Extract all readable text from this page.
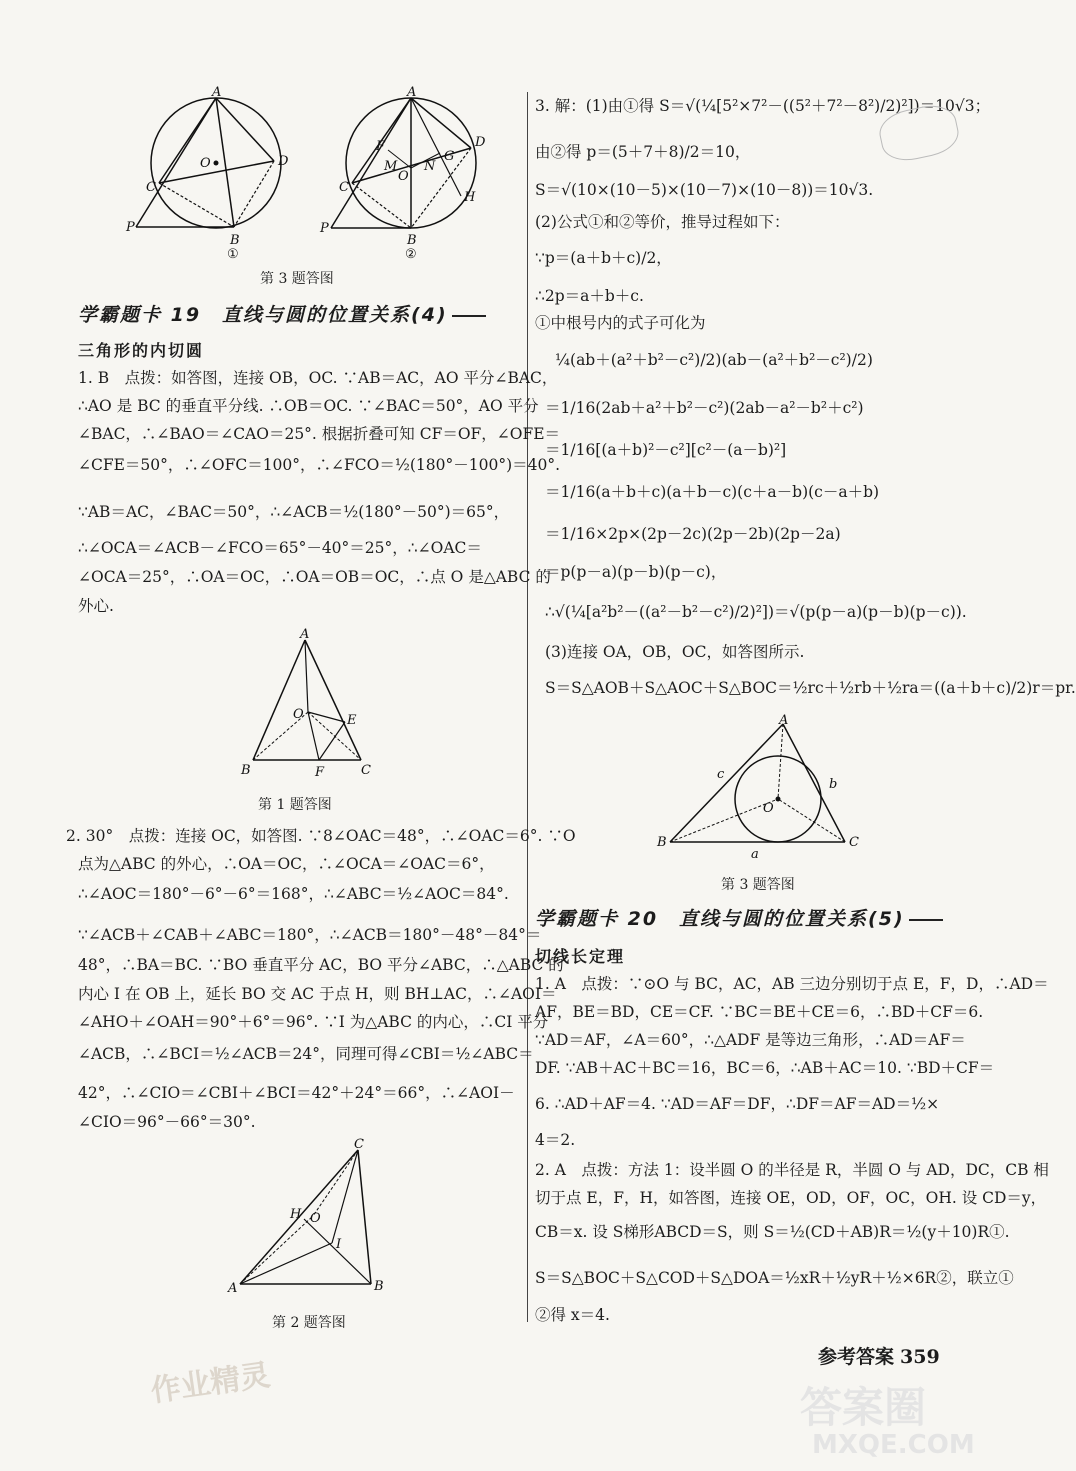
A
O	D
C
P
B
①
A
F
M
O
N
G
D
C
H
P
B
②
第 3 题答图
学霸题卡 19　直线与圆的位置关系(4)
三角形的内切圆
1. B　点拨：如答图，连接 OB，OC. ∵AB＝AC，AO 平分∠BAC，
∴AO 是 BC 的垂直平分线. ∴OB＝OC. ∵∠BAC＝50°，AO 平分
∠BAC，∴∠BAO＝∠CAO＝25°. 根据折叠可知 CF＝OF，∠OFE＝
∠CFE＝50°，∴∠OFC＝100°，∴∠FCO＝½(180°－100°)＝40°.
∵AB＝AC，∠BAC＝50°，∴∠ACB＝½(180°－50°)＝65°，
∴∠OCA＝∠ACB－∠FCO＝65°－40°＝25°，∴∠OAC＝
∠OCA＝25°，∴OA＝OC，∴OA＝OB＝OC，∴点 O 是△ABC 的
外心.
A
O	E
B	F	C
第 1 题答图
2. 30°　点拨：连接 OC，如答图. ∵8∠OAC＝48°，∴∠OAC＝6°. ∵O
点为△ABC 的外心，∴OA＝OC，∴∠OCA＝∠OAC＝6°，
∴∠AOC＝180°－6°－6°＝168°，∴∠ABC＝½∠AOC＝84°.
∵∠ACB＋∠CAB＋∠ABC＝180°，∴∠ACB＝180°－48°－84°＝
48°，∴BA＝BC. ∵BO 垂直平分 AC，BO 平分∠ABC，∴△ABC 的
内心 I 在 OB 上，延长 BO 交 AC 于点 H，则 BH⊥AC，∴∠AOI＝
∠AHO＋∠OAH＝90°＋6°＝96°. ∵I 为△ABC 的内心，∴CI 平分
∠ACB，∴∠BCI＝½∠ACB＝24°，同理可得∠CBI＝½∠ABC＝
42°，∴∠CIO＝∠CBI＋∠BCI＝42°＋24°＝66°，∴∠AOI－
∠CIO＝96°－66°＝30°.
C
H O
I
A	B
第 2 题答图
3. 解：(1)由①得 S＝√(¼[5²×7²－((5²＋7²－8²)/2)²])＝10√3；
由②得 p＝(5＋7＋8)/2＝10，
S＝√(10×(10－5)×(10－7)×(10－8))＝10√3.
(2)公式①和②等价，推导过程如下：
∵p＝(a＋b＋c)/2，
∴2p＝a＋b＋c.
①中根号内的式子可化为
¼(ab＋(a²＋b²－c²)/2)(ab－(a²＋b²－c²)/2)
＝1/16(2ab＋a²＋b²－c²)(2ab－a²－b²＋c²)
＝1/16[(a＋b)²－c²][c²－(a－b)²]
＝1/16(a＋b＋c)(a＋b－c)(c＋a－b)(c－a＋b)
＝1/16×2p×(2p－2c)(2p－2b)(2p－2a)
＝p(p－a)(p－b)(p－c)，
∴√(¼[a²b²－((a²－b²－c²)/2)²])＝√(p(p－a)(p－b)(p－c)).
(3)连接 OA，OB，OC，如答图所示.
S＝S△AOB＋S△AOC＋S△BOC＝½rc＋½rb＋½ra＝((a＋b＋c)/2)r＝pr.
A
c
b
O
B
a
C
第 3 题答图
学霸题卡 20　直线与圆的位置关系(5)
切线长定理
1. A　点拨：∵⊙O 与 BC，AC，AB 三边分别切于点 E，F，D，∴AD＝
AF，BE＝BD，CE＝CF. ∵BC＝BE＋CE＝6，∴BD＋CF＝6.
∵AD＝AF，∠A＝60°，∴△ADF 是等边三角形，∴AD＝AF＝
DF. ∵AB＋AC＋BC＝16，BC＝6，∴AB＋AC＝10. ∵BD＋CF＝
6. ∴AD＋AF＝4. ∵AD＝AF＝DF，∴DF＝AF＝AD＝½×
4＝2.
2. A　点拨：方法 1：设半圆 O 的半径是 R，半圆 O 与 AD，DC，CB 相
切于点 E，F，H，如答图，连接 OE，OD，OF，OC，OH. 设 CD＝y，
CB＝x. 设 S梯形ABCD＝S，则 S＝½(CD＋AB)R＝½(y＋10)R①.
S＝S△BOC＋S△COD＋S△DOA＝½xR＋½yR＋½×6R②，联立①
②得 x＝4.
参考答案 359
作业精灵	答案圈
MXQE.COM
